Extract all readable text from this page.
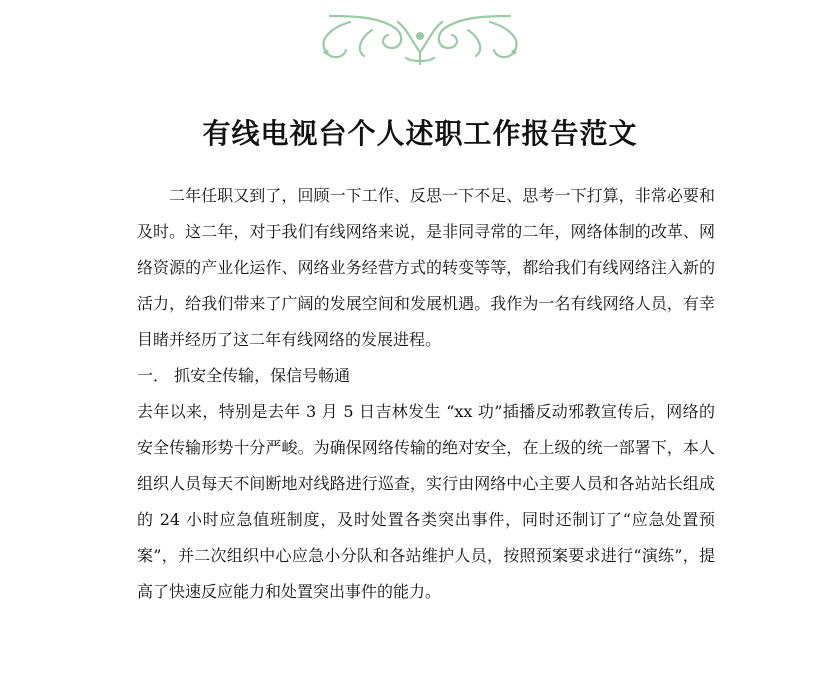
有线电视台个人述职工作报告范文

二年任职又到了，回顾一下工作、反思一下不足、思考一下打算，非常必要和及时。这二年，对于我们有线网络来说，是非同寻常的二年，网络体制的改革、网络资源的产业化运作、网络业务经营方式的转变等等，都给我们有线网络注入新的活力，给我们带来了广阔的发展空间和发展机遇。我作为一名有线网络人员，有幸目睹并经历了这二年有线网络的发展进程。

一． 抓安全传输，保信号畅通

去年以来，特别是去年 3 月 5 日吉林发生 “xx 功”插播反动邪教宣传后，网络的安全传输形势十分严峻。为确保网络传输的绝对安全，在上级的统一部署下，本人组织人员每天不间断地对线路进行巡查，实行由网络中心主要人员和各站站长组成的 24 小时应急值班制度，及时处置各类突出事件，同时还制订了“应急处置预案”，并二次组织中心应急小分队和各站维护人员，按照预案要求进行“演练”，提高了快速反应能力和处置突出事件的能力。
